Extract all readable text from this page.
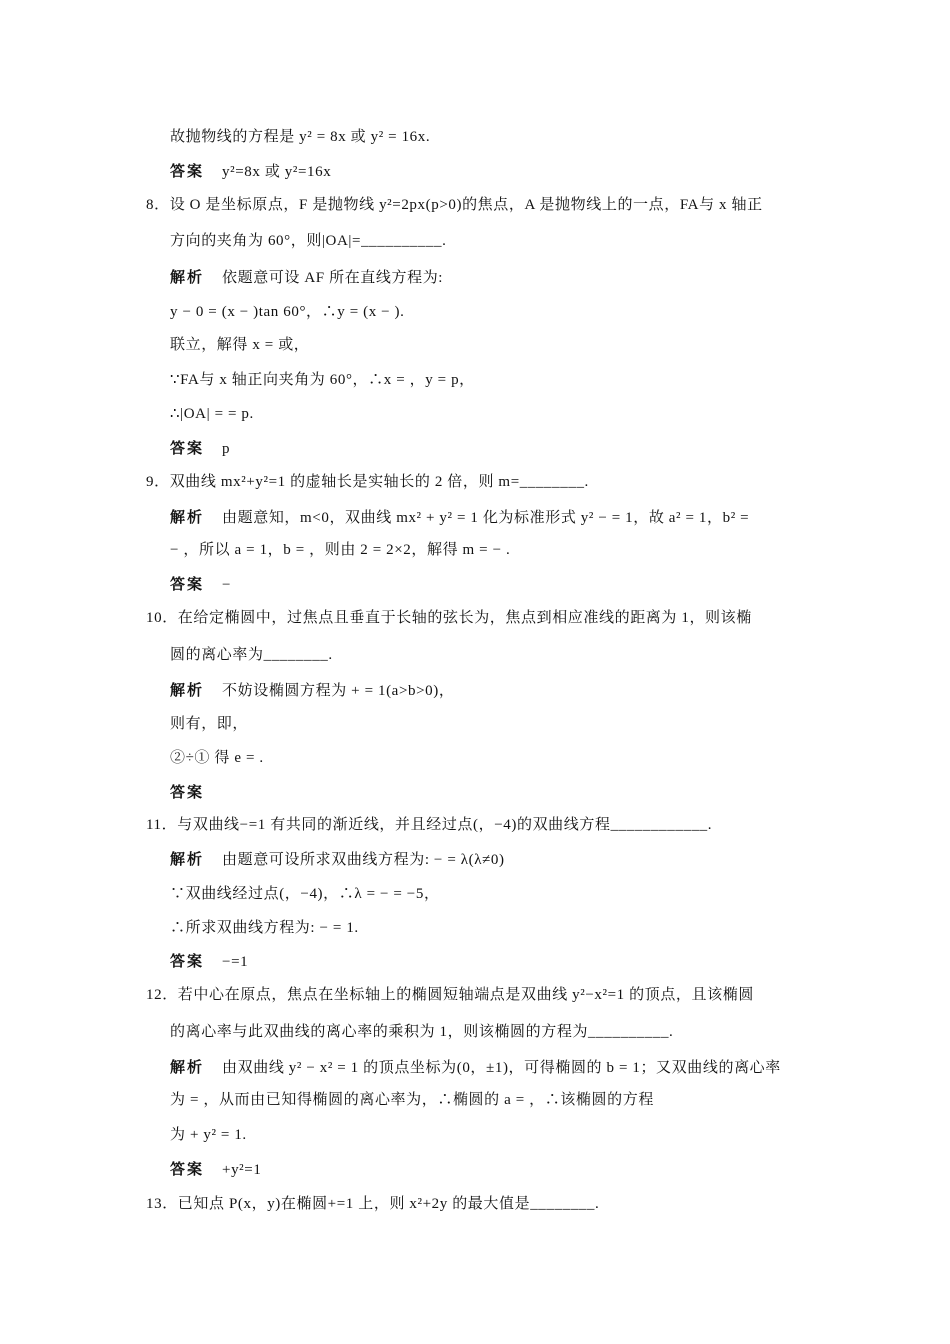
故抛物线的方程是 y² = 8x 或 y² = 16x.
答案 y²=8x 或 y²=16x
8．设 O 是坐标原点，F 是抛物线 y²=2px(p>0)的焦点，A 是抛物线上的一点，FA与 x 轴正
方向的夹角为 60°，则|OA|=__________.
解析 依题意可设 AF 所在直线方程为:
y − 0 = (x − )tan 60°，∴y = (x − ).
联立，解得 x = 或，
∵FA与 x 轴正向夹角为 60°，∴x = ，y = p，
∴|OA| = = p.
答案 p
9．双曲线 mx²+y²=1 的虚轴长是实轴长的 2 倍，则 m=________.
解析 由题意知，m<0，双曲线 mx² + y² = 1 化为标准形式 y² − = 1，故 a² = 1，b² =
− ，所以 a = 1，b = ，则由 2 = 2×2，解得 m = − .
答案 −
10．在给定椭圆中，过焦点且垂直于长轴的弦长为，焦点到相应准线的距离为 1，则该椭
圆的离心率为________.
解析 不妨设椭圆方程为 + = 1(a>b>0)，
则有，即，
②÷① 得 e = .
答案
11．与双曲线−=1 有共同的渐近线，并且经过点(，−4)的双曲线方程____________.
解析 由题意可设所求双曲线方程为: − = λ(λ≠0)
∵双曲线经过点(，−4)，∴λ = − = −5，
∴所求双曲线方程为: − = 1.
答案 −=1
12．若中心在原点，焦点在坐标轴上的椭圆短轴端点是双曲线 y²−x²=1 的顶点，且该椭圆
的离心率与此双曲线的离心率的乘积为 1，则该椭圆的方程为__________.
解析 由双曲线 y² − x² = 1 的顶点坐标为(0，±1)，可得椭圆的 b = 1；又双曲线的离心率
为 = ，从而由已知得椭圆的离心率为，∴椭圆的 a = ，∴该椭圆的方程
为 + y² = 1.
答案 +y²=1
13．已知点 P(x，y)在椭圆+=1 上，则 x²+2y 的最大值是________.
